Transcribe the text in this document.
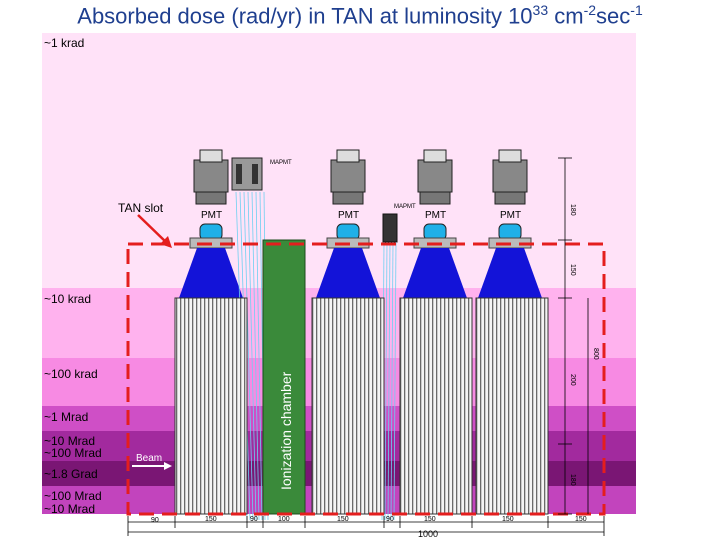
Absorbed dose (rad/yr) in TAN at luminosity $10^{33}$ $cm^{-2}\sec^{-1}$
~1 krad
~10 krad
~100 krad
~1 Mrad
~10 Mrad
~100 Mrad
~1.8 Grad
~100 Mrad
~10 Mrad
PMT	PMT	PMT	PMT
MAPMT
MAPMT
Ionization chamber
TAN slot
Beam
180
150
800
200
180
90	150	90	100	150	90	150	150	150
1000
